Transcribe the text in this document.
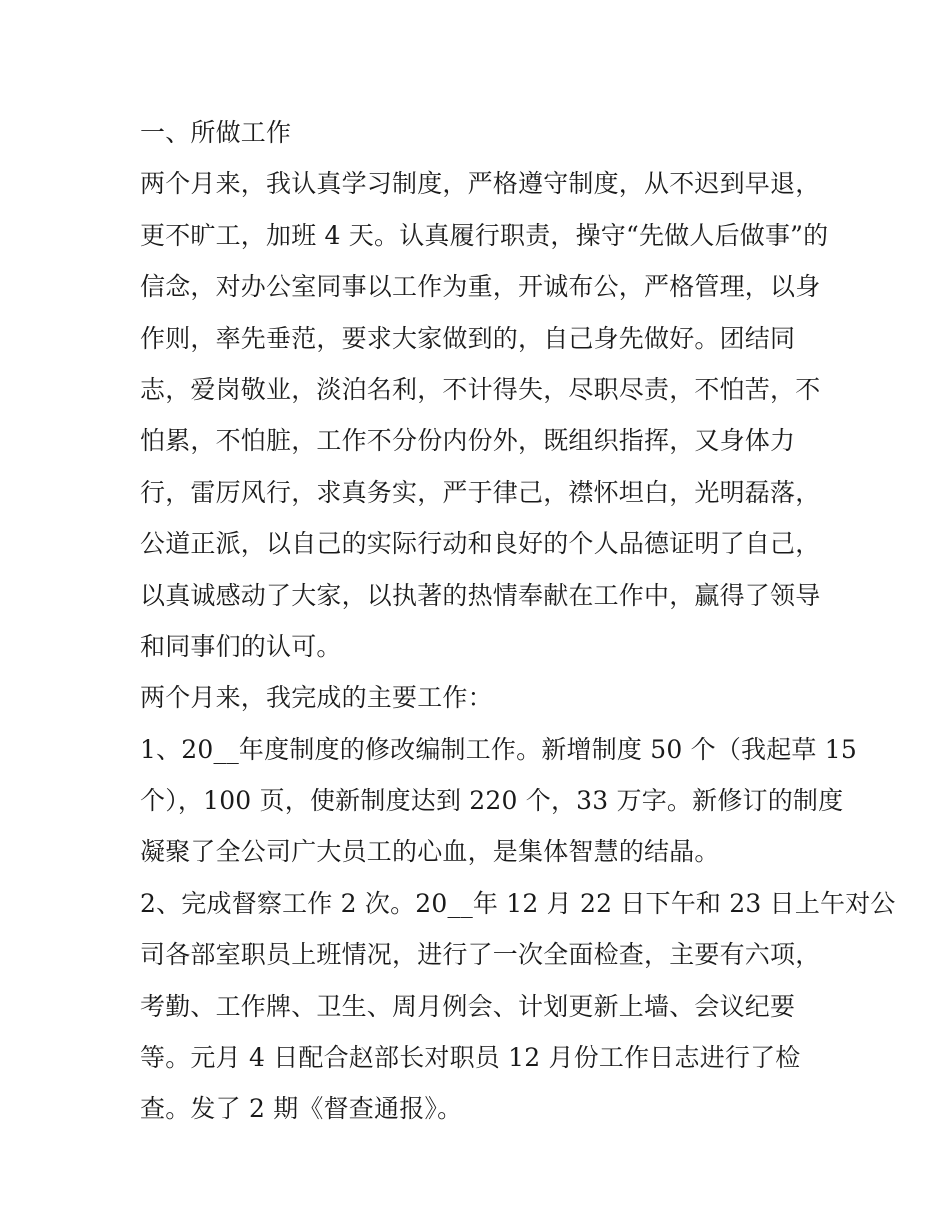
一、所做工作
两个月来，我认真学习制度，严格遵守制度，从不迟到早退，
更不旷工，加班 4 天。认真履行职责，操守“先做人后做事”的
信念，对办公室同事以工作为重，开诚布公，严格管理，以身
作则，率先垂范，要求大家做到的，自己身先做好。团结同
志，爱岗敬业，淡泊名利，不计得失，尽职尽责，不怕苦，不
怕累，不怕脏，工作不分份内份外，既组织指挥，又身体力
行，雷厉风行，求真务实，严于律己，襟怀坦白，光明磊落，
公道正派，以自己的实际行动和良好的个人品德证明了自己，
以真诚感动了大家，以执著的热情奉献在工作中，赢得了领导
和同事们的认可。
两个月来，我完成的主要工作：
1、20__年度制度的修改编制工作。新增制度 50 个（我起草 15
个），100 页，使新制度达到 220 个，33 万字。新修订的制度
凝聚了全公司广大员工的心血，是集体智慧的结晶。
2、完成督察工作 2 次。20__年 12 月 22 日下午和 23 日上午对公
司各部室职员上班情况，进行了一次全面检查，主要有六项，
考勤、工作牌、卫生、周月例会、计划更新上墙、会议纪要
等。元月 4 日配合赵部长对职员 12 月份工作日志进行了检
查。发了 2 期《督查通报》。
